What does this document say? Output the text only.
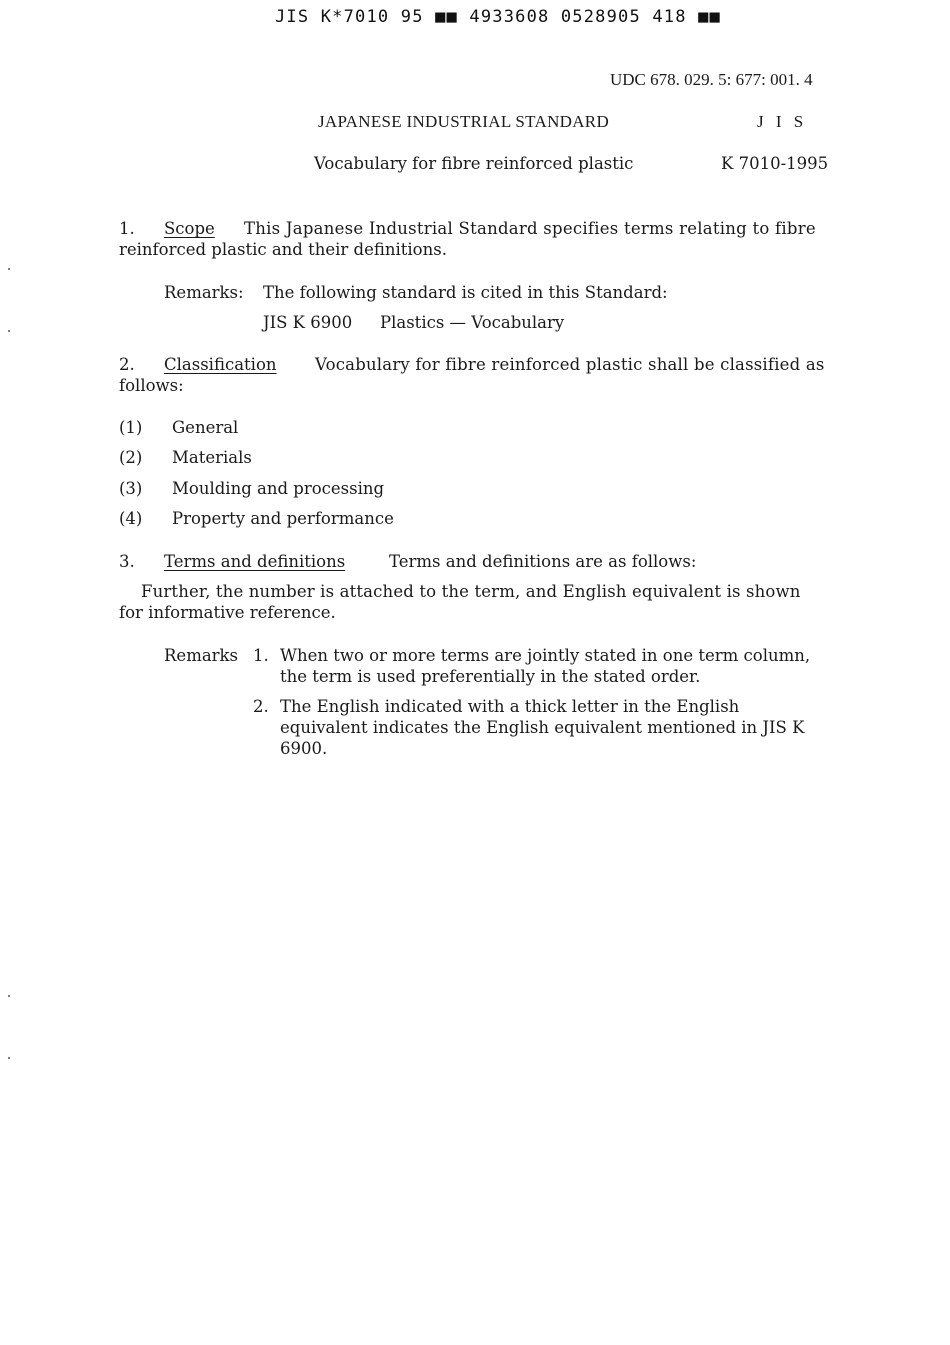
JIS K*7010 95 ■■ 4933608 0528905 418 ■■
UDC 678. 029. 5: 677: 001. 4
JAPANESE INDUSTRIAL STANDARD	J I S
Vocabulary for fibre reinforced plastic	K 7010-1995
1. Scope This Japanese Industrial Standard specifies terms relating to fibre
reinforced plastic and their definitions.
Remarks: The following standard is cited in this Standard:
JIS K 6900 Plastics — Vocabulary
2. Classification Vocabulary for fibre reinforced plastic shall be classified as
follows:
(1) General
(2) Materials
(3) Moulding and processing
(4) Property and performance
3. Terms and definitions	Terms and definitions are as follows:
Further, the number is attached to the term, and English equivalent is shown
for informative reference.
Remarks 1. When two or more terms are jointly stated in one term column,
the term is used preferentially in the stated order.
2. The English indicated with a thick letter in the English
equivalent indicates the English equivalent mentioned in JIS K
6900.
